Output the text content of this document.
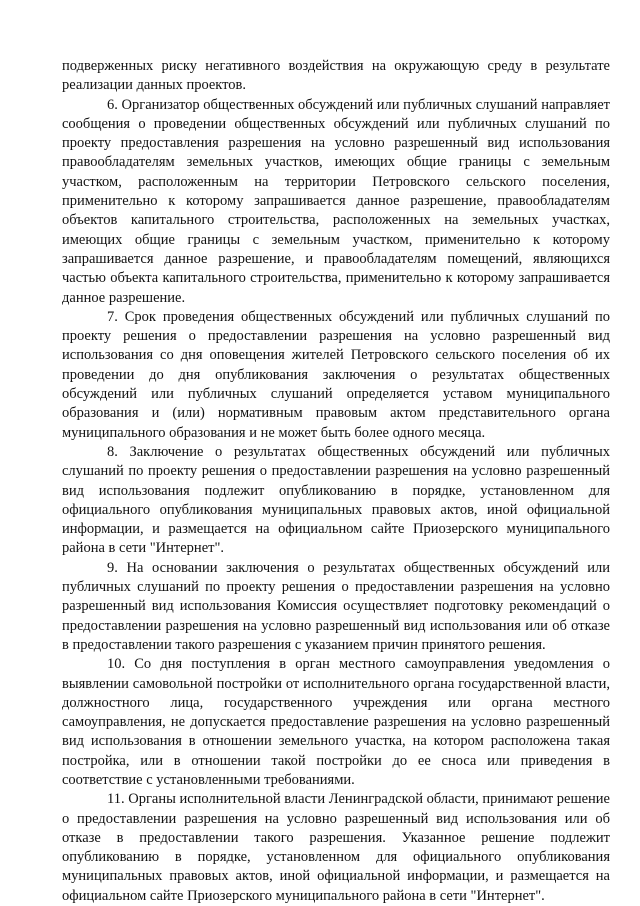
подверженных риску негативного воздействия на окружающую среду в результате реализации данных проектов.

6. Организатор общественных обсуждений или публичных слушаний направляет сообщения о проведении общественных обсуждений или публичных слушаний по проекту предоставления разрешения на условно разрешенный вид использования правообладателям земельных участков, имеющих общие границы с земельным участком, расположенным на территории Петровского сельского поселения, применительно к которому запрашивается данное разрешение, правообладателям объектов капитального строительства, расположенных на земельных участках, имеющих общие границы с земельным участком, применительно к которому запрашивается данное разрешение, и правообладателям помещений, являющихся частью объекта капитального строительства, применительно к которому запрашивается данное разрешение.

7. Срок проведения общественных обсуждений или публичных слушаний по проекту решения о предоставлении разрешения на условно разрешенный вид использования со дня оповещения жителей Петровского сельского поселения об их проведении до дня опубликования заключения о результатах общественных обсуждений или публичных слушаний определяется уставом муниципального образования и (или) нормативным правовым актом представительного органа муниципального образования и не может быть более одного месяца.

8. Заключение о результатах общественных обсуждений или публичных слушаний по проекту решения о предоставлении разрешения на условно разрешенный вид использования подлежит опубликованию в порядке, установленном для официального опубликования муниципальных правовых актов, иной официальной информации, и размещается на официальном сайте Приозерского муниципального района в сети "Интернет".

9. На основании заключения о результатах общественных обсуждений или публичных слушаний по проекту решения о предоставлении разрешения на условно разрешенный вид использования Комиссия осуществляет подготовку рекомендаций о предоставлении разрешения на условно разрешенный вид использования или об отказе в предоставлении такого разрешения с указанием причин принятого решения.

10. Со дня поступления в орган местного самоуправления уведомления о выявлении самовольной постройки от исполнительного органа государственной власти, должностного лица, государственного учреждения или органа местного самоуправления, не допускается предоставление разрешения на условно разрешенный вид использования в отношении земельного участка, на котором расположена такая постройка, или в отношении такой постройки до ее сноса или приведения в соответствие с установленными требованиями.

11. Органы исполнительной власти Ленинградской области, принимают решение о предоставлении разрешения на условно разрешенный вид использования или об отказе в предоставлении такого разрешения. Указанное решение подлежит опубликованию в порядке, установленном для официального опубликования муниципальных правовых актов, иной официальной информации, и размещается на официальном сайте Приозерского муниципального района в сети "Интернет".
